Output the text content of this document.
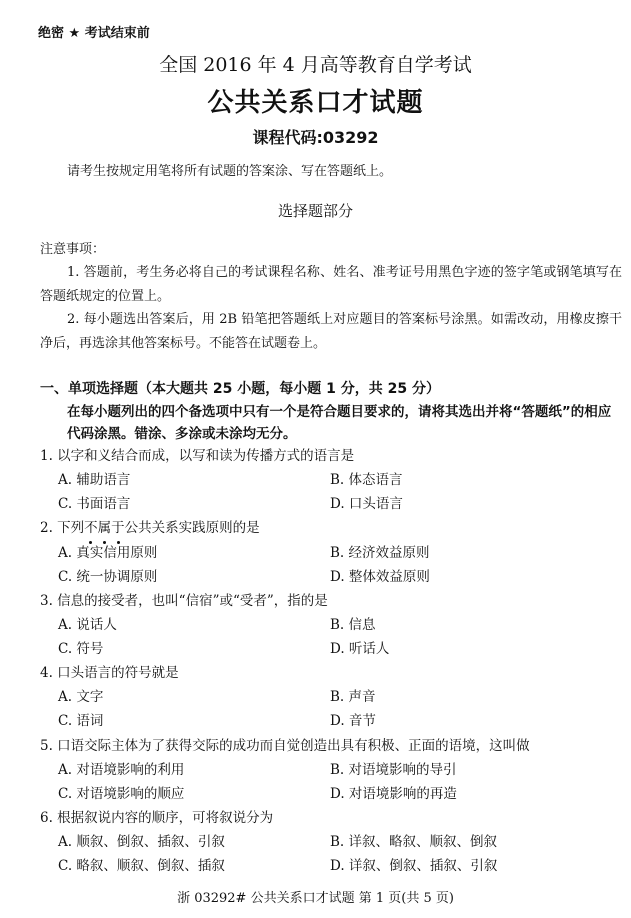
绝密 ★ 考试结束前
全国 2016 年 4 月高等教育自学考试
公共关系口才试题
课程代码:03292
请考生按规定用笔将所有试题的答案涂、写在答题纸上。
选择题部分
注意事项：
1. 答题前，考生务必将自己的考试课程名称、姓名、准考证号用黑色字迹的签字笔或钢笔填写在答题纸规定的位置上。
2. 每小题选出答案后，用 2B 铅笔把答题纸上对应题目的答案标号涂黑。如需改动，用橡皮擦干净后，再选涂其他答案标号。不能答在试题卷上。
一、单项选择题（本大题共 25 小题，每小题 1 分，共 25 分）
在每小题列出的四个备选项中只有一个是符合题目要求的，请将其选出并将“答题纸”的相应代码涂黑。错涂、多涂或未涂均无分。
1. 以字和义结合而成，以写和读为传播方式的语言是
A. 辅助语言	B. 体态语言
C. 书面语言	D. 口头语言
2. 下列不属于
公共关系实践原则的是
A. 真实信用原则	B. 经济效益原则
C. 统一协调原则	D. 整体效益原则
3. 信息的接受者，也叫“信宿”或“受者”，指的是
A. 说话人	B. 信息
C. 符号	D. 听话人
4. 口头语言的符号就是
A. 文字	B. 声音
C. 语词	D. 音节
5. 口语交际主体为了获得交际的成功而自觉创造出具有积极、正面的语境，这叫做
A. 对语境影响的利用	B. 对语境影响的导引
C. 对语境影响的顺应	D. 对语境影响的再造
6. 根据叙说内容的顺序，可将叙说分为
A. 顺叙、倒叙、插叙、引叙	B. 详叙、略叙、顺叙、倒叙
C. 略叙、顺叙、倒叙、插叙	D. 详叙、倒叙、插叙、引叙
浙 03292# 公共关系口才试题 第 1 页(共 5 页)
